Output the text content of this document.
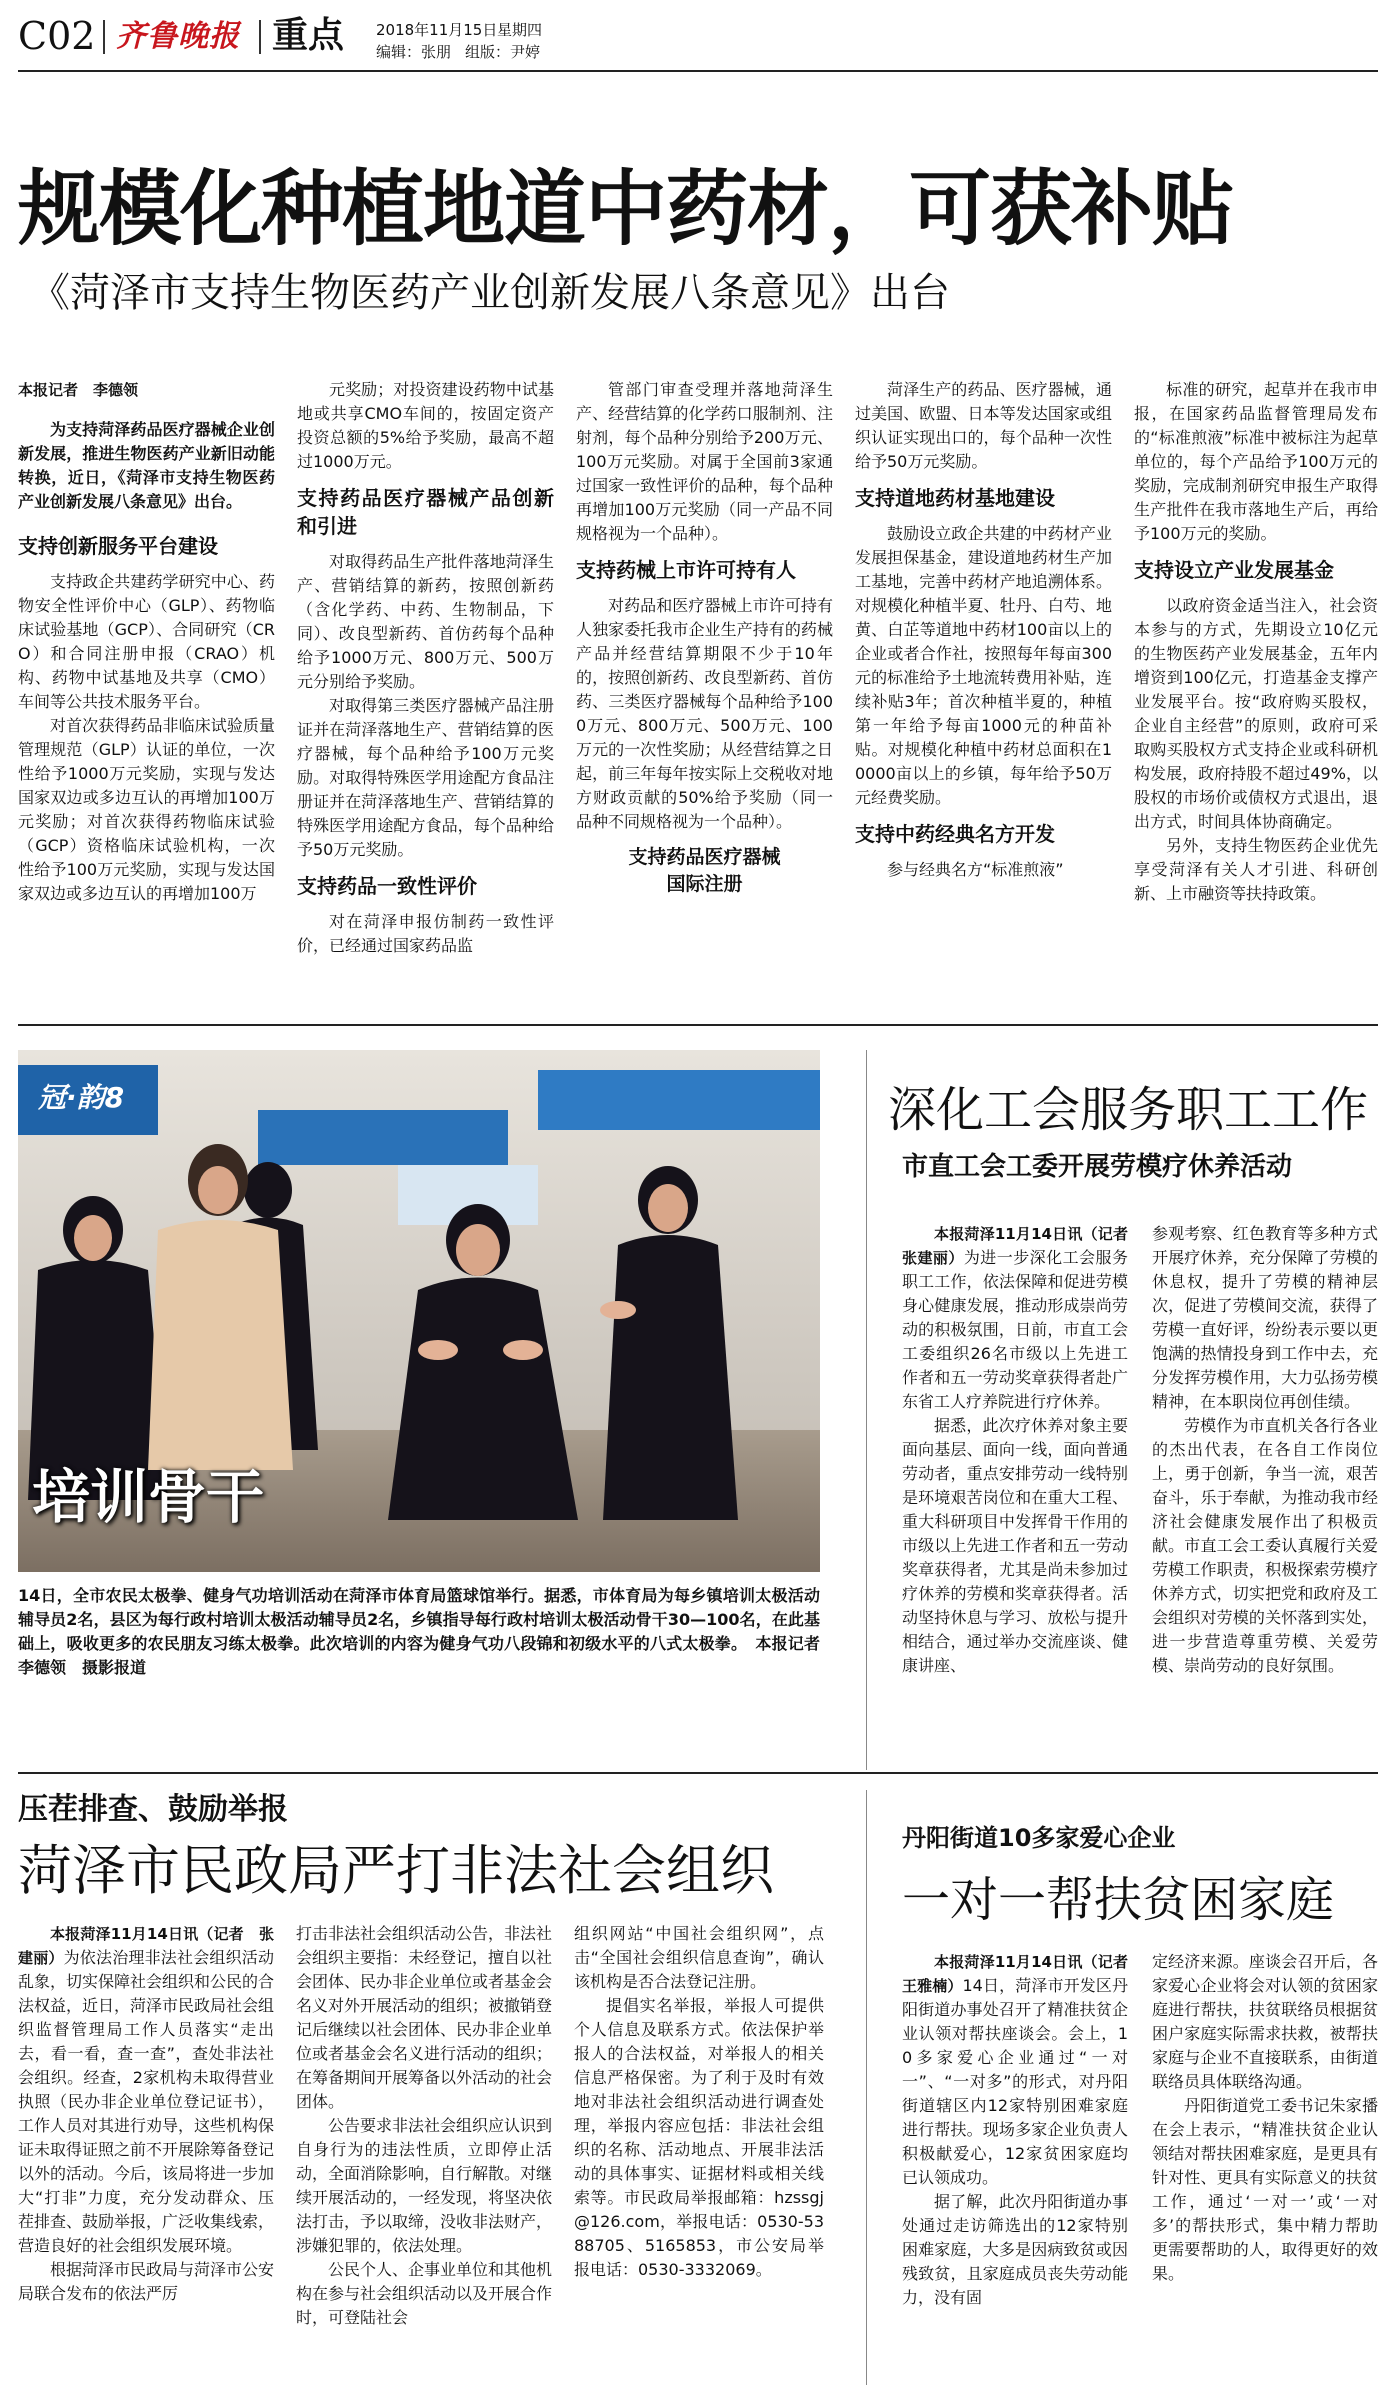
C02 齐鲁晚报 重点 2018年11月15日 星期四
编辑：张朋 组版：尹婷
规模化种植地道中药材，可获补贴
《菏泽市支持生物医药产业创新发展八条意见》出台
本报记者　李德领

为支持菏泽药品医疗器械企业创新发展，推进生物医药产业新旧动能转换，近日，《菏泽市支持生物医药产业创新发展八条意见》出台。

支持创新服务平台建设

支持政企共建药学研究中心、药物安全性评价中心（GLP）、药物临床试验基地（GCP）、合同研究（CRO）和合同注册申报（CRAO）机构、药物中试基地及共享（CMO）车间等公共技术服务平台。

对首次获得药品非临床试验质量管理规范（GLP）认证的单位，一次性给予1000万元奖励，实现与发达国家双边或多边互认的再增加100万元奖励；对首次获得药物临床试验（GCP）资格临床试验机构，一次性给予100万元奖励，实现与发达国家双边或多边互认的再增加100万

元奖励；对投资建设药物中试基地或共享CMO车间的，按固定资产投资总额的5%给予奖励，最高不超过1000万元。

支持药品医疗器械产品创新和引进

对取得药品生产批件落地菏泽生产、营销结算的新药，按照创新药（含化学药、中药、生物制品，下同）、改良型新药、首仿药每个品种给予1000万元、800万元、500万元分别给予奖励。

对取得第三类医疗器械产品注册证并在菏泽落地生产、营销结算的医疗器械，每个品种给予100万元奖励。对取得特殊医学用途配方食品注册证并在菏泽落地生产、营销结算的特殊医学用途配方食品，每个品种给予50万元奖励。

支持药品一致性评价

对在菏泽申报仿制药一致性评价，已经通过国家药品监

管部门审查受理并落地菏泽生产、经营结算的化学药口服制剂、注射剂，每个品种分别给予200万元、100万元奖励。对属于全国前3家通过国家一致性评价的品种，每个品种再增加100万元奖励（同一产品不同规格视为一个品种）。

支持药械上市许可持有人

对药品和医疗器械上市许可持有人独家委托我市企业生产持有的药械产品并经营结算期限不少于10年的，按照创新药、改良型新药、首仿药、三类医疗器械每个品种给予1000万元、800万元、500万元、100万元的一次性奖励；从经营结算之日起，前三年每年按实际上交税收对地方财政贡献的50%给予奖励（同一品种不同规格视为一个品种）。

支持药品医疗器械国际注册

菏泽生产的药品、医疗器械，通过美国、欧盟、日本等发达国家或组织认证实现出口的，每个品种一次性给予50万元奖励。

支持道地药材基地建设

鼓励设立政企共建的中药材产业发展担保基金，建设道地药材生产加工基地，完善中药材产地追溯体系。对规模化种植半夏、牡丹、白芍、地黄、白芷等道地中药材100亩以上的企业或者合作社，按照每年每亩300元的标准给予土地流转费用补贴，连续补贴3年；首次种植半夏的，种植第一年给予每亩1000元的种苗补贴。对规模化种植中药材总面积在10000亩以上的乡镇，每年给予50万元经费奖励。

支持中药经典名方开发

参与经典名方“标准煎液”

标准的研究，起草并在我市申报，在国家药品监督管理局发布的“标准煎液”标准中被标注为起草单位的，每个产品给予100万元的奖励，完成制剂研究申报生产取得生产批件在我市落地生产后，再给予100万元的奖励。

支持设立产业发展基金

以政府资金适当注入，社会资本参与的方式，先期设立10亿元的生物医药产业发展基金，五年内增资到100亿元，打造基金支撑产业发展平台。按“政府购买股权，企业自主经营”的原则，政府可采取购买股权方式支持企业或科研机构发展，政府持股不超过49%，以股权的市场价或债权方式退出，退出方式，时间具体协商确定。

另外，支持生物医药企业优先享受菏泽有关人才引进、科研创新、上市融资等扶持政策。

冠·韵8
培训骨干
14日，全市农民太极拳、健身气功培训活动在菏泽市体育局篮球馆举行。据悉，市体育局为每乡镇培训太极活动辅导员2名，县区为每行政村培训太极活动辅导员2名，乡镇指导每行政村培训太极活动骨干30—100名，在此基础上，吸收更多的农民朋友习练太极拳。此次培训的内容为健身气功八段锦和初级水平的八式太极拳。　本报记者　李德领　摄影报道
深化工会服务职工工作
市直工会工委开展劳模疗休养活动

本报菏泽11月14日讯（记者　张建丽）为进一步深化工会服务职工工作，依法保障和促进劳模身心健康发展，推动形成崇尚劳动的积极氛围，日前，市直工会工委组织26名市级以上先进工作者和五一劳动奖章获得者赴广东省工人疗养院进行疗休养。

据悉，此次疗休养对象主要面向基层、面向一线，面向普通劳动者，重点安排劳动一线特别是环境艰苦岗位和在重大工程、重大科研项目中发挥骨干作用的市级以上先进工作者和五一劳动奖章获得者，尤其是尚未参加过疗休养的劳模和奖章获得者。活动坚持休息与学习、放松与提升相结合，通过举办交流座谈、健康讲座、

参观考察、红色教育等多种方式开展疗休养，充分保障了劳模的休息权，提升了劳模的精神层次，促进了劳模间交流，获得了劳模一直好评，纷纷表示要以更饱满的热情投身到工作中去，充分发挥劳模作用，大力弘扬劳模精神，在本职岗位再创佳绩。

劳模作为市直机关各行各业的杰出代表，在各自工作岗位上，勇于创新，争当一流，艰苦奋斗，乐于奉献，为推动我市经济社会健康发展作出了积极贡献。市直工会工委认真履行关爱劳模工作职责，积极探索劳模疗休养方式，切实把党和政府及工会组织对劳模的关怀落到实处，进一步营造尊重劳模、关爱劳模、崇尚劳动的良好氛围。

压茬排查、鼓励举报
菏泽市民政局严打非法社会组织

本报菏泽11月14日讯（记者　张建丽）为依法治理非法社会组织活动乱象，切实保障社会组织和公民的合法权益，近日，菏泽市民政局社会组织监督管理局工作人员落实“走出去，看一看，查一查”，查处非法社会组织。经查，2家机构未取得营业执照（民办非企业单位登记证书），工作人员对其进行劝导，这些机构保证未取得证照之前不开展除筹备登记以外的活动。今后，该局将进一步加大“打非”力度，充分发动群众、压茬排查、鼓励举报，广泛收集线索，营造良好的社会组织发展环境。

根据菏泽市民政局与菏泽市公安局联合发布的依法严厉

打击非法社会组织活动公告，非法社会组织主要指：未经登记，擅自以社会团体、民办非企业单位或者基金会名义对外开展活动的组织；被撤销登记后继续以社会团体、民办非企业单位或者基金会名义进行活动的组织；在筹备期间开展筹备以外活动的社会团体。

公告要求非法社会组织应认识到自身行为的违法性质，立即停止活动，全面消除影响，自行解散。对继续开展活动的，一经发现，将坚决依法打击，予以取缔，没收非法财产，涉嫌犯罪的，依法处理。

公民个人、企事业单位和其他机构在参与社会组织活动以及开展合作时，可登陆社会

组织网站“中国社会组织网”，点击“全国社会组织信息查询”，确认该机构是否合法登记注册。

提倡实名举报，举报人可提供个人信息及联系方式。依法保护举报人的合法权益，对举报人的相关信息严格保密。为了利于及时有效地对非法社会组织活动进行调查处理，举报内容应包括：非法社会组织的名称、活动地点、开展非法活动的具体事实、证据材料或相关线索等。市民政局举报邮箱：hzssgj@126.com，举报电话：0530-5388705、5165853，市公安局举报电话：0530-3332069。

丹阳街道10多家爱心企业
一对一帮扶贫困家庭

本报菏泽11月14日讯（记者　王雅楠）14日，菏泽市开发区丹阳街道办事处召开了精准扶贫企业认领对帮扶座谈会。会上，10多家爱心企业通过“一对一”、“一对多”的形式，对丹阳街道辖区内12家特别困难家庭进行帮扶。现场多家企业负责人积极献爱心，12家贫困家庭均已认领成功。

据了解，此次丹阳街道办事处通过走访筛选出的12家特别困难家庭，大多是因病致贫或因残致贫，且家庭成员丧失劳动能力，没有固

定经济来源。座谈会召开后，各家爱心企业将会对认领的贫困家庭进行帮扶，扶贫联络员根据贫困户家庭实际需求扶救，被帮扶家庭与企业不直接联系，由街道联络员具体联络沟通。

丹阳街道党工委书记朱家播在会上表示，“精准扶贫企业认领结对帮扶困难家庭，是更具有针对性、更具有实际意义的扶贫工作，通过‘一对一’或‘一对多’的帮扶形式，集中精力帮助更需要帮助的人，取得更好的效果。
